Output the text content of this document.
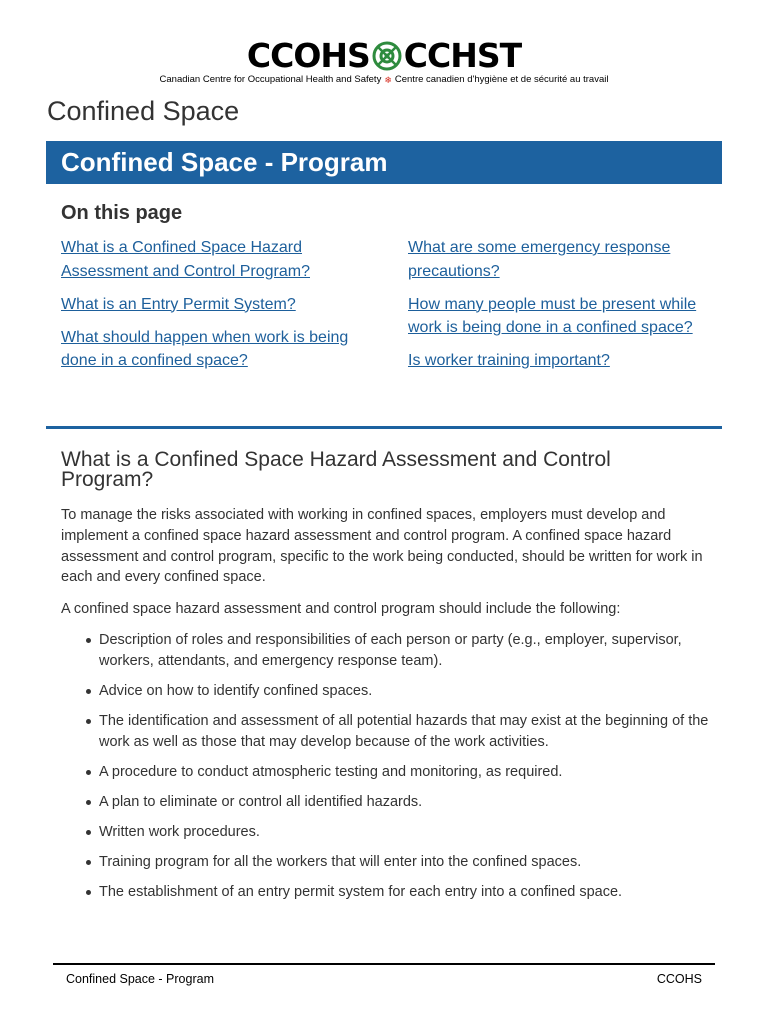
CCOHS CCHST
Canadian Centre for Occupational Health and Safety ❄ Centre canadien d'hygiène et de sécurité au travail
Confined Space
Confined Space - Program
On this page
What is a Confined Space Hazard Assessment and Control Program?
What is an Entry Permit System?
What should happen when work is being done in a confined space?
What are some emergency response precautions?
How many people must be present while work is being done in a confined space?
Is worker training important?
What is a Confined Space Hazard Assessment and Control Program?

To manage the risks associated with working in confined spaces, employers must develop and implement a confined space hazard assessment and control program. A confined space hazard assessment and control program, specific to the work being conducted, should be written for work in each and every confined space.

A confined space hazard assessment and control program should include the following:

Description of roles and responsibilities of each person or party (e.g., employer, supervisor, workers, attendants, and emergency response team).
Advice on how to identify confined spaces.
The identification and assessment of all potential hazards that may exist at the beginning of the work as well as those that may develop because of the work activities.
A procedure to conduct atmospheric testing and monitoring, as required.
A plan to eliminate or control all identified hazards.
Written work procedures.
Training program for all the workers that will enter into the confined spaces.
The establishment of an entry permit system for each entry into a confined space.
Confined Space - Program	CCOHS
